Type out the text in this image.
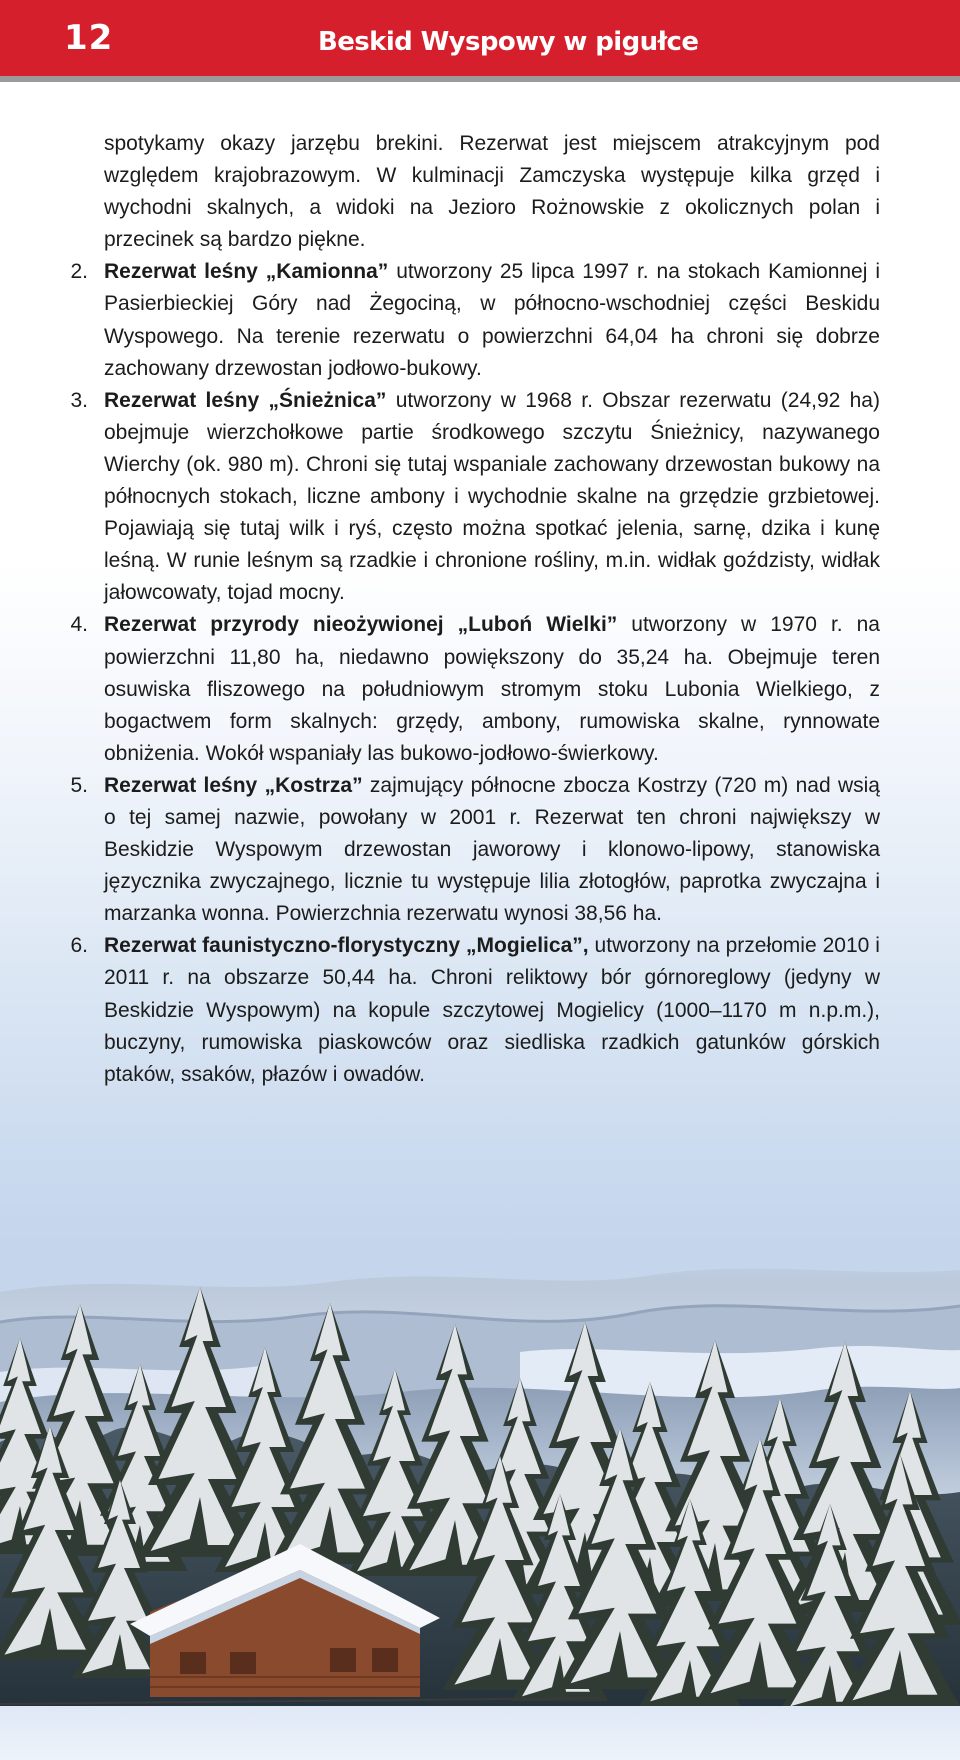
12	Beskid Wyspowy w pigułce

spotykamy okazy jarzębu brekini. Rezerwat jest miejscem atrakcyjnym pod względem krajobrazowym. W kulminacji Zamczyska występuje kilka grzęd i wychodni skalnych, a widoki na Jezioro Rożnowskie z okolicznych polan i przecinek są bardzo piękne.

2. Rezerwat leśny „Kamionna” utworzony 25 lipca 1997 r. na stokach Kamionnej i Pasierbieckiej Góry nad Żegociną, w północno-wschodniej części Beskidu Wyspowego. Na terenie rezerwatu o powierzchni 64,04 ha chroni się dobrze zachowany drzewostan jodłowo-bukowy.
3. Rezerwat leśny „Śnieżnica” utworzony w 1968 r. Obszar rezerwatu (24,92 ha) obejmuje wierzchołkowe partie środkowego szczytu Śnieżnicy, nazywanego Wierchy (ok. 980 m). Chroni się tutaj wspaniale zachowany drzewostan bukowy na północnych stokach, liczne ambony i wychodnie skalne na grzędzie grzbietowej. Pojawiają się tutaj wilk i ryś, często można spotkać jelenia, sarnę, dzika i kunę leśną. W runie leśnym są rzadkie i chronione rośliny, m.in. widłak goździsty, widłak jałowcowaty, tojad mocny.
4. Rezerwat przyrody nieożywionej „Luboń Wielki” utworzony w 1970 r. na powierzchni 11,80 ha, niedawno powiększony do 35,24 ha. Obejmuje teren osuwiska fliszowego na południowym stromym stoku Lubonia Wielkiego, z bogactwem form skalnych: grzędy, ambony, rumowiska skalne, rynnowate obniżenia. Wokół wspaniały las bukowo-jodłowo-świerkowy.
5. Rezerwat leśny „Kostrza” zajmujący północne zbocza Kostrzy (720 m) nad wsią o tej samej nazwie, powołany w 2001 r. Rezerwat ten chroni największy w Beskidzie Wyspowym drzewostan jaworowy i klonowo-lipowy, stanowiska języcznika zwyczajnego, licznie tu występuje lilia złotogłów, paprotka zwyczajna i marzanka wonna. Powierzchnia rezerwatu wynosi 38,56 ha.
6. Rezerwat faunistyczno-florystyczny „Mogielica”, utworzony na przełomie 2010 i 2011 r. na obszarze 50,44 ha. Chroni reliktowy bór górnoreglowy (jedyny w Beskidzie Wyspowym) na kopule szczytowej Mogielicy (1000–1170 m n.p.m.), buczyny, rumowiska piaskowców oraz siedliska rzadkich gatunków górskich ptaków, ssaków, płazów i owadów.
